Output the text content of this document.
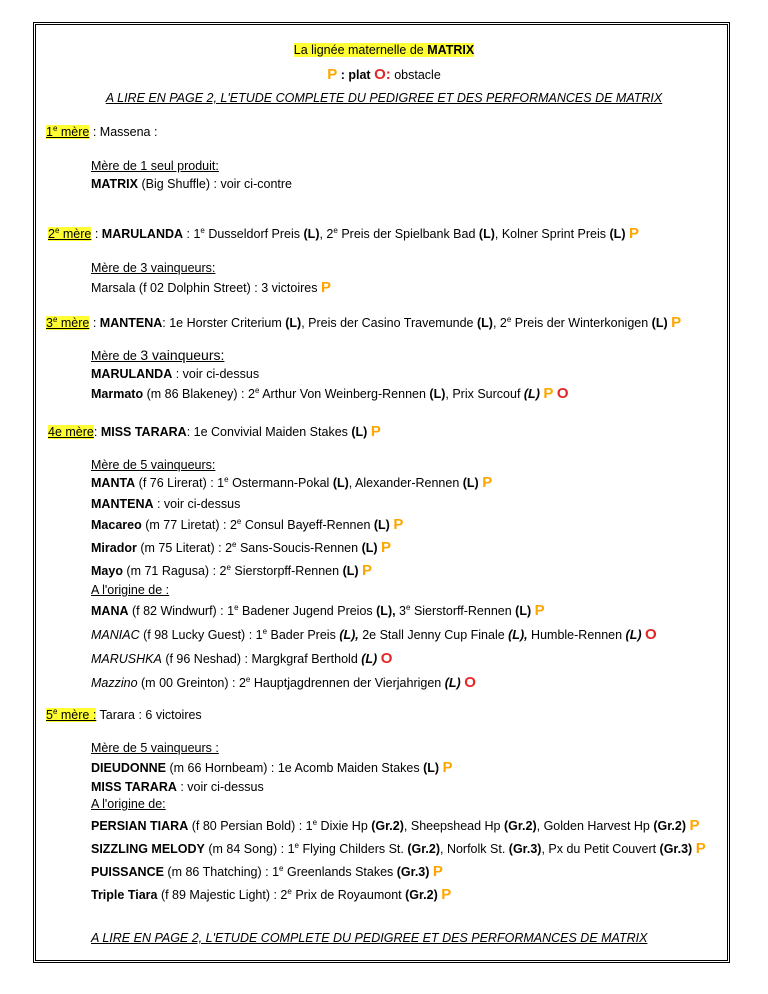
La lignée maternelle de MATRIX
P : plat O: obstacle
A LIRE EN PAGE 2, L'ETUDE COMPLETE DU PEDIGREE ET DES PERFORMANCES DE MATRIX
1e mère : Massena :
Mère de 1 seul produit:
MATRIX (Big Shuffle) : voir ci-contre
2e mère : MARULANDA : 1e Dusseldorf Preis (L), 2e Preis der Spielbank Bad (L), Kolner Sprint Preis (L) P
Mère de 3 vainqueurs:
Marsala (f 02 Dolphin Street) : 3 victoires P
3e mère : MANTENA: 1e Horster Criterium (L), Preis der Casino Travemunde (L), 2e Preis der Winterkonigen (L) P
Mère de 3 vainqueurs:
MARULANDA : voir ci-dessus
Marmato (m 86 Blakeney) : 2e Arthur Von Weinberg-Rennen (L), Prix Surcouf (L) P O
4e mère: MISS TARARA: 1e Convivial Maiden Stakes (L) P
Mère de 5 vainqueurs:
MANTA (f 76 Lirerat) : 1e Ostermann-Pokal (L), Alexander-Rennen (L) P
MANTENA : voir ci-dessus
Macareo (m 77 Liretat) : 2e Consul Bayeff-Rennen (L) P
Mirador (m 75 Literat) : 2e Sans-Soucis-Rennen (L) P
Mayo (m 71 Ragusa) : 2e Sierstorpff-Rennen (L) P
A l'origine de :
MANA (f 82 Windwurf) : 1e Badener Jugend Preios (L), 3e Sierstorff-Rennen (L) P
MANIAC (f 98 Lucky Guest) : 1e Bader Preis (L), 2e Stall Jenny Cup Finale (L), Humble-Rennen (L) O
MARUSHKA (f 96 Neshad) : Margkgraf Berthold (L) O
Mazzino (m 00 Greinton) : 2e Hauptjagdrennen der Vierjahrigen (L) O
5e mère : Tarara : 6 victoires
Mère de 5 vainqueurs :
DIEUDONNE (m 66 Hornbeam) : 1e Acomb Maiden Stakes (L) P
MISS TARARA : voir ci-dessus
A l'origine de:
PERSIAN TIARA (f 80 Persian Bold) : 1e Dixie Hp (Gr.2), Sheepshead Hp (Gr.2), Golden Harvest Hp (Gr.2) P
SIZZLING MELODY (m 84 Song) : 1e Flying Childers St. (Gr.2), Norfolk St. (Gr.3), Px du Petit Couvert (Gr.3) P
PUISSANCE (m 86 Thatching) : 1e Greenlands Stakes (Gr.3) P
Triple Tiara (f 89 Majestic Light) : 2e Prix de Royaumont (Gr.2) P
A LIRE EN PAGE 2, L'ETUDE COMPLETE DU PEDIGREE ET DES PERFORMANCES DE MATRIX
